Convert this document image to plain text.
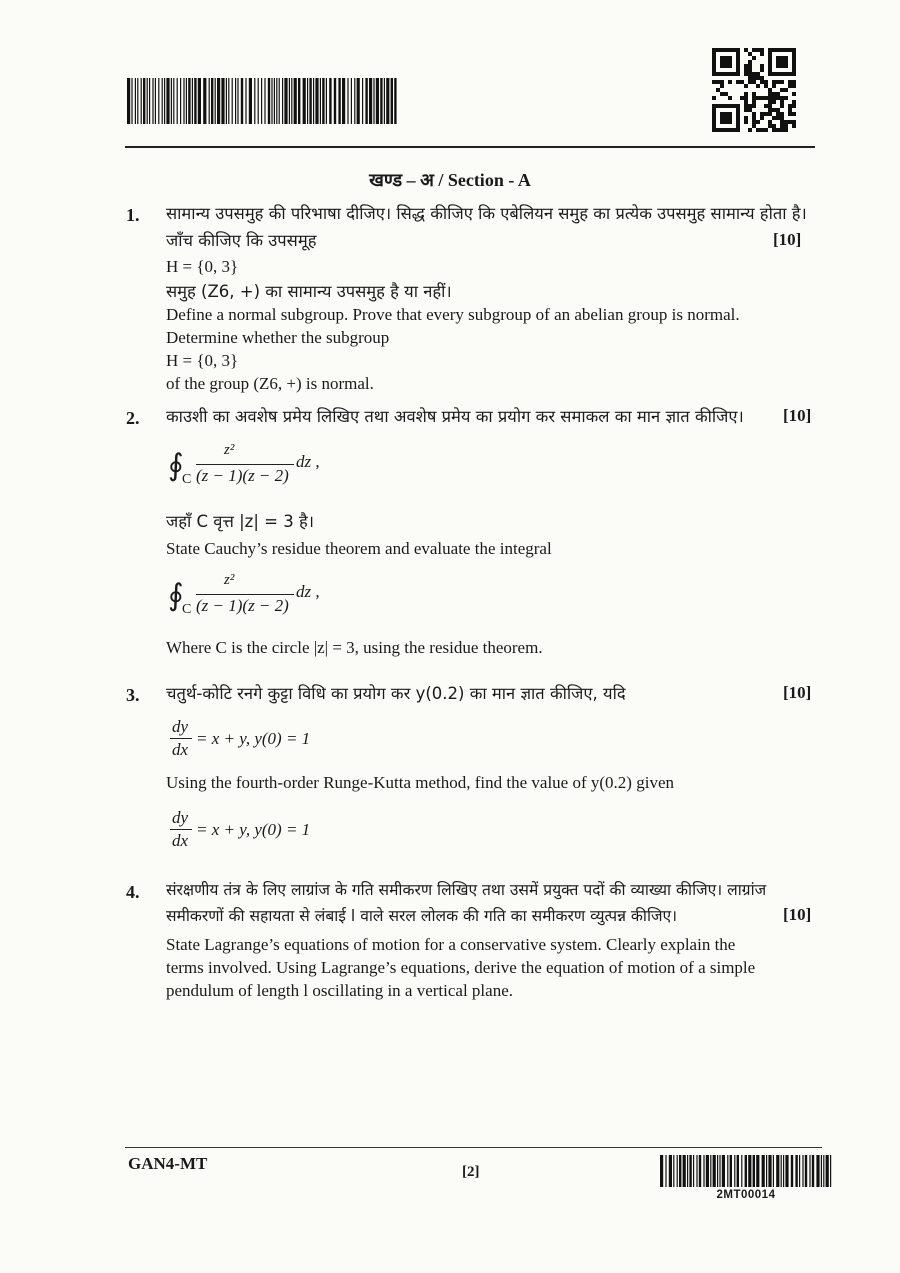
खण्ड – अ / Section - A
1. सामान्य उपसमुह की परिभाषा दीजिए। सिद्ध कीजिए कि एबेलियन समुह का प्रत्येक उपसमुह सामान्य होता है।
जाँच कीजिए कि उपसमूह	[10]
H = {0, 3}
समुह (Z6, +) का सामान्य उपसमुह है या नहीं।
Define a normal subgroup. Prove that every subgroup of an abelian group is normal.
Determine whether the subgroup
H = {0, 3}
of the group (Z6, +) is normal.
2. काउशी का अवशेष प्रमेय लिखिए तथा अवशेष प्रमेय का प्रयोग कर समाकल का मान ज्ञात कीजिए। [10]
∮
C
z²
(z − 1)(z − 2)
dz ,
जहाँ C वृत्त |z| = 3 है।
State Cauchy’s residue theorem and evaluate the integral
∮
C
z²
(z − 1)(z − 2)
dz ,
Where C is the circle |z| = 3, using the residue theorem.
3. चतुर्थ-कोटि रनगे कुट्टा विधि का प्रयोग कर y(0.2) का मान ज्ञात कीजिए, यदि	[10]
dy
dx
= x + y, y(0) = 1
Using the fourth-order Runge-Kutta method, find the value of y(0.2) given
dy
dx
= x + y, y(0) = 1
4. संरक्षणीय तंत्र के लिए लाग्रांज के गति समीकरण लिखिए तथा उसमें प्रयुक्त पदों की व्याख्या कीजिए। लाग्रांज
समीकरणों की सहायता से लंबाई l वाले सरल लोलक की गति का समीकरण व्युत्पन्न कीजिए।	[10]
State Lagrange’s equations of motion for a conservative system. Clearly explain the
terms involved. Using Lagrange’s equations, derive the equation of motion of a simple
pendulum of length l oscillating in a vertical plane.
GAN4-MT	[2]
2MT00014
